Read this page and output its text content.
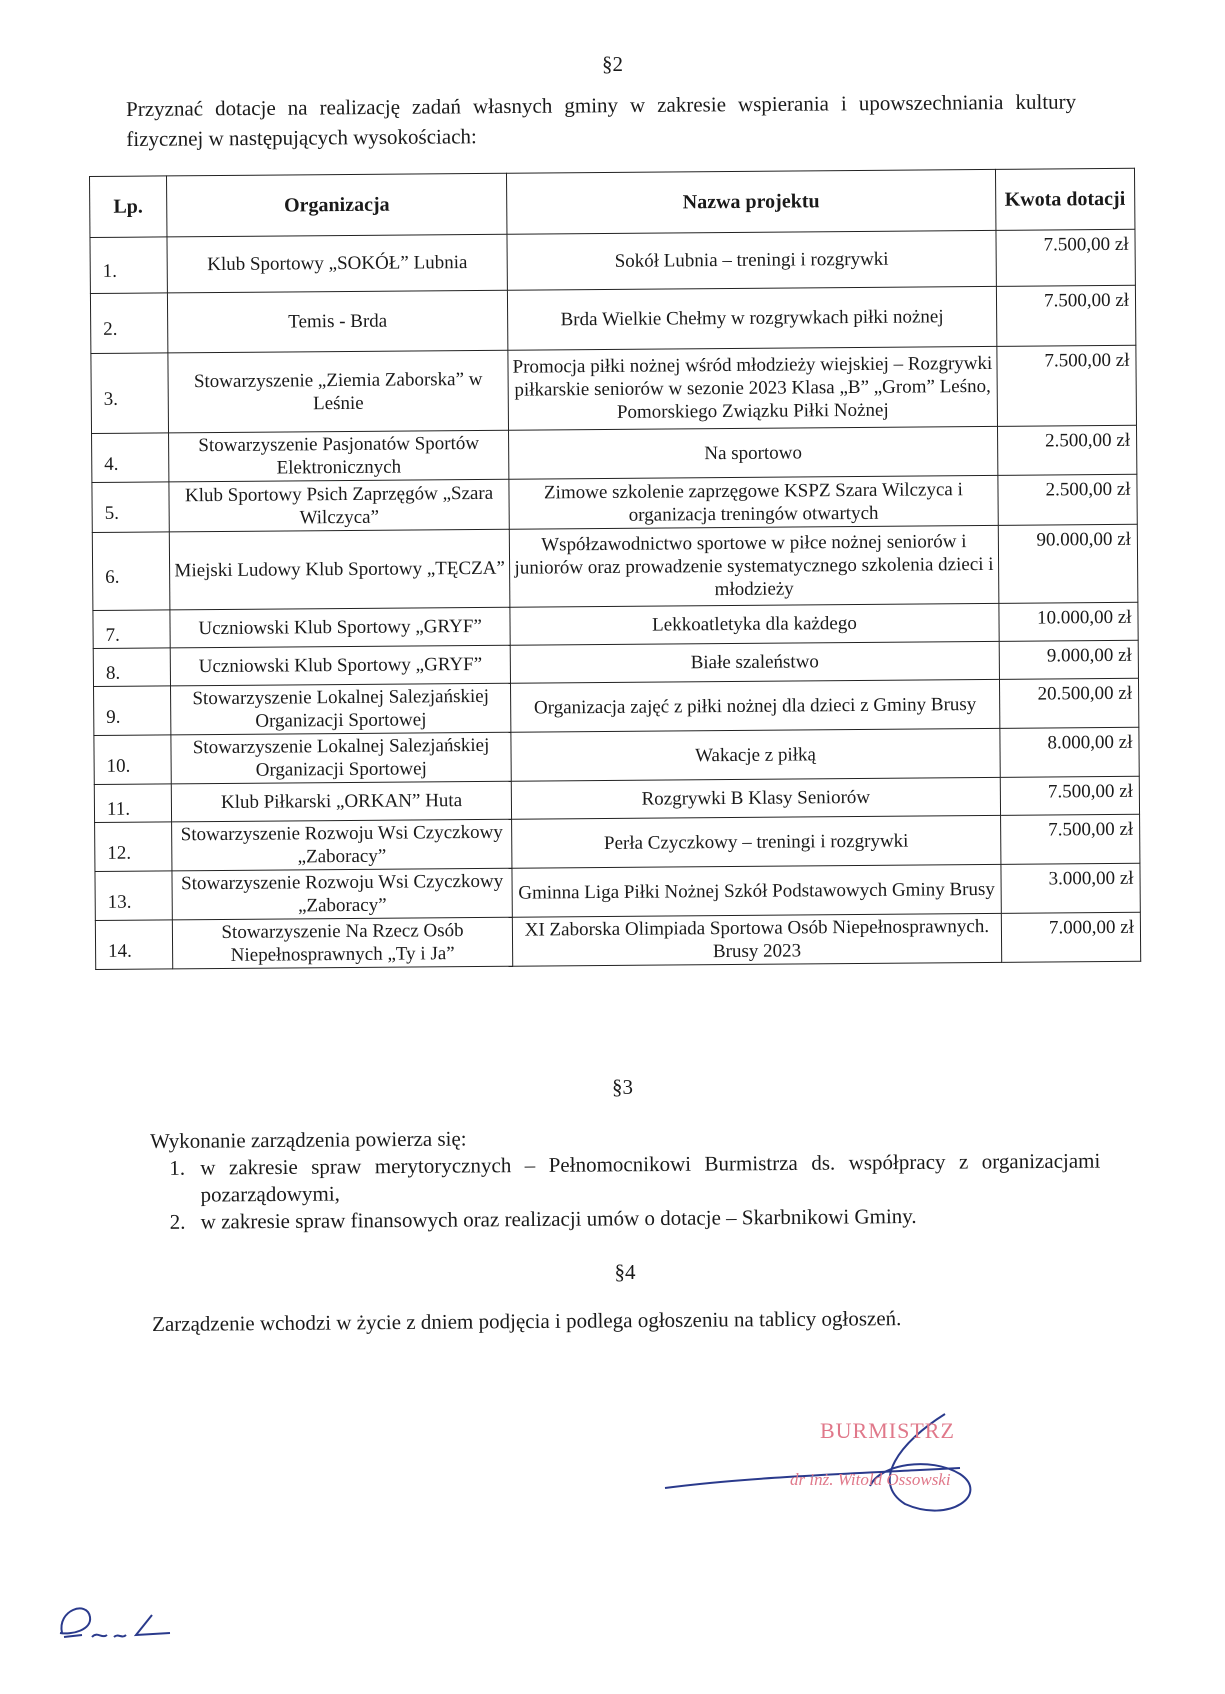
§2
Przyznać dotacje na realizację zadań własnych gminy w zakresie wspierania i upowszechniania kultury fizycznej w następujących wysokościach:
Lp.	Organizacja	Nazwa projektu	Kwota dotacji
1.	Klub Sportowy „SOKÓŁ” Lubnia	Sokół Lubnia – treningi i rozgrywki	7.500,00 zł
2.	Temis - Brda	Brda Wielkie Chełmy w rozgrywkach piłki nożnej	7.500,00 zł
3.	Stowarzyszenie „Ziemia Zaborska” w Leśnie	Promocja piłki nożnej wśród młodzieży wiejskiej – Rozgrywki piłkarskie seniorów w sezonie 2023 Klasa „B” „Grom” Leśno, Pomorskiego Związku Piłki Nożnej	7.500,00 zł
4.	Stowarzyszenie Pasjonatów Sportów Elektronicznych	Na sportowo	2.500,00 zł
5.	Klub Sportowy Psich Zaprzęgów „Szara Wilczyca”	Zimowe szkolenie zaprzęgowe KSPZ Szara Wilczyca i organizacja treningów otwartych	2.500,00 zł
6.	Miejski Ludowy Klub Sportowy „TĘCZA”	Współzawodnictwo sportowe w piłce nożnej seniorów i juniorów oraz prowadzenie systematycznego szkolenia dzieci i młodzieży	90.000,00 zł
7.	Uczniowski Klub Sportowy „GRYF”	Lekkoatletyka dla każdego	10.000,00 zł
8.	Uczniowski Klub Sportowy „GRYF”	Białe szaleństwo	9.000,00 zł
9.	Stowarzyszenie Lokalnej Salezjańskiej Organizacji Sportowej	Organizacja zajęć z piłki nożnej dla dzieci z Gminy Brusy	20.500,00 zł
10.	Stowarzyszenie Lokalnej Salezjańskiej Organizacji Sportowej	Wakacje z piłką	8.000,00 zł
11.	Klub Piłkarski „ORKAN” Huta	Rozgrywki B Klasy Seniorów	7.500,00 zł
12.	Stowarzyszenie Rozwoju Wsi Czyczkowy „Zaboracy”	Perła Czyczkowy – treningi i rozgrywki	7.500,00 zł
13.	Stowarzyszenie Rozwoju Wsi Czyczkowy „Zaboracy”	Gminna Liga Piłki Nożnej Szkół Podstawowych Gminy Brusy	3.000,00 zł
14.	Stowarzyszenie Na Rzecz Osób Niepełnosprawnych „Ty i Ja”	XI Zaborska Olimpiada Sportowa Osób Niepełnosprawnych. Brusy 2023	7.000,00 zł
§3
Wykonanie zarządzenia powierza się:
1. w zakresie spraw merytorycznych – Pełnomocnikowi Burmistrza ds. współpracy z organizacjami pozarządowymi,
2. w zakresie spraw finansowych oraz realizacji umów o dotacje – Skarbnikowi Gminy.
§4
Zarządzenie wchodzi w życie z dniem podjęcia i podlega ogłoszeniu na tablicy ogłoszeń.
BURMISTRZ
dr inż. Witold Ossowski
